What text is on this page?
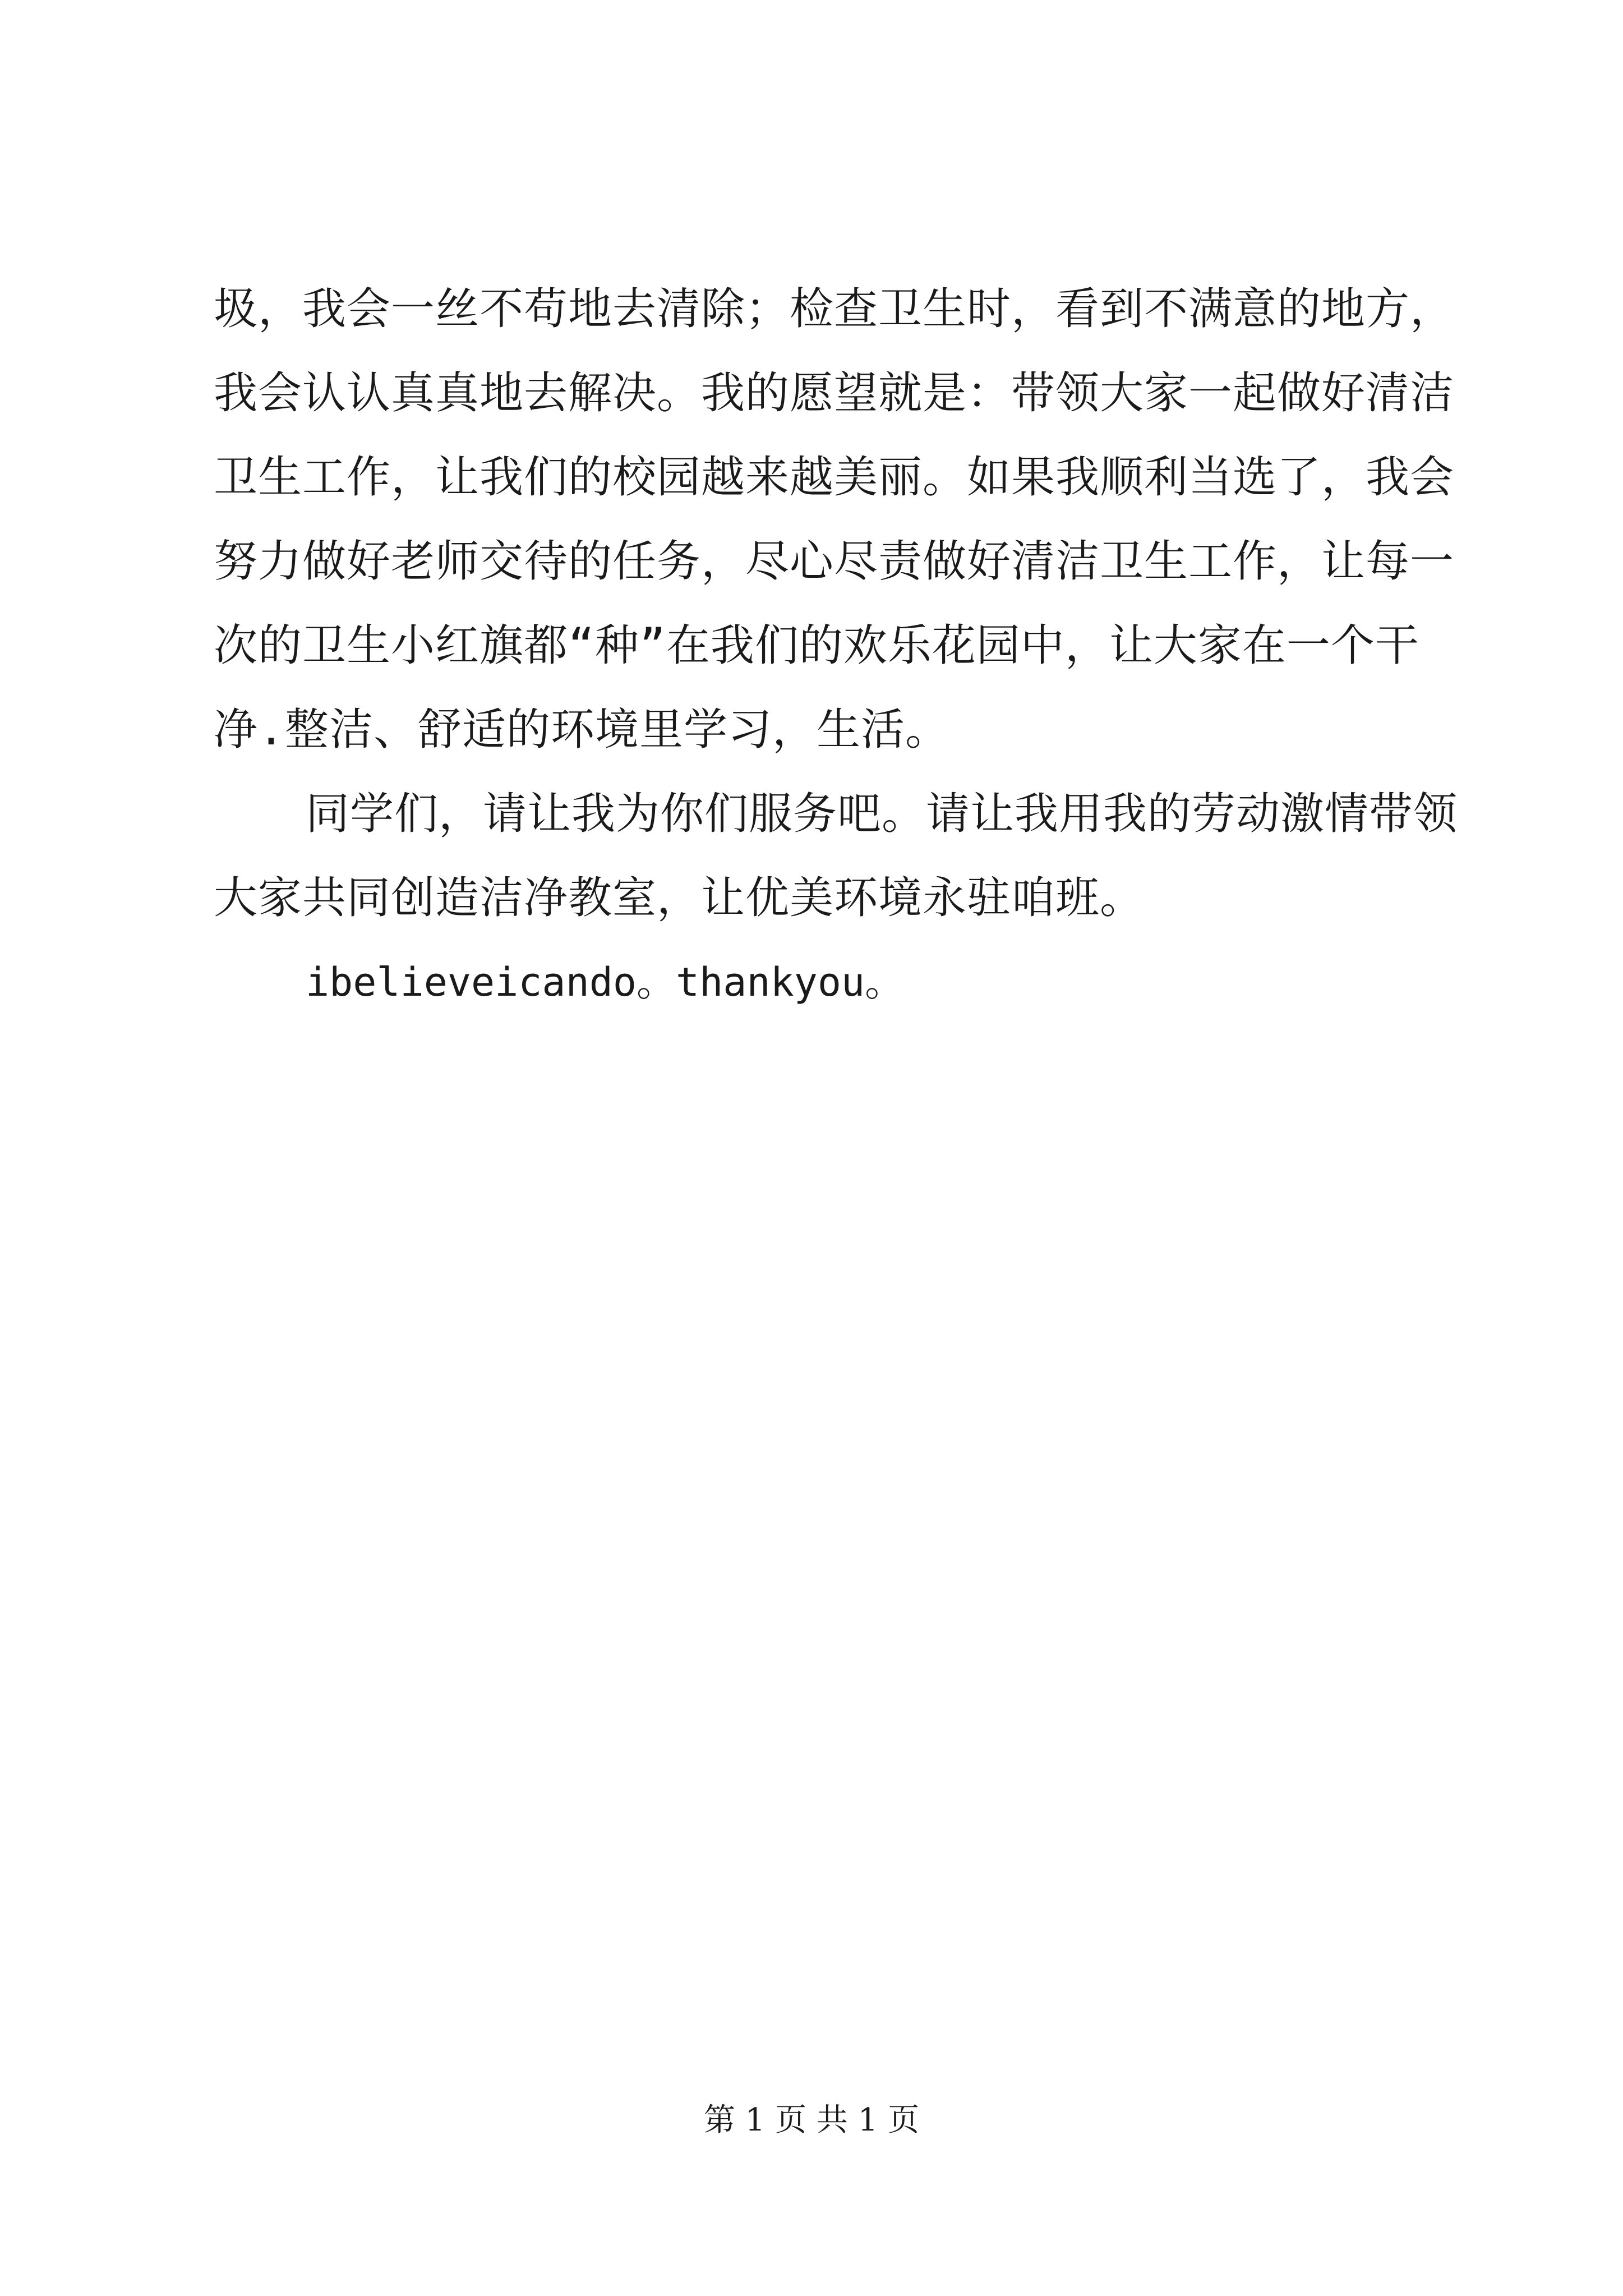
圾，我会一丝不苟地去清除；检查卫生时，看到不满意的地方，
我会认认真真地去解决。我的愿望就是：带领大家一起做好清洁
卫生工作，让我们的校园越来越美丽。如果我顺利当选了，我会
努力做好老师交待的任务，尽心尽责做好清洁卫生工作，让每一
次的卫生小红旗都“种”在我们的欢乐花园中，让大家在一个干
净.整洁、舒适的环境里学习，生活。
同学们，请让我为你们服务吧。请让我用我的劳动激情带领
大家共同创造洁净教室，让优美环境永驻咱班。
ibelieveicando。thankyou。
第 1 页 共 1 页
